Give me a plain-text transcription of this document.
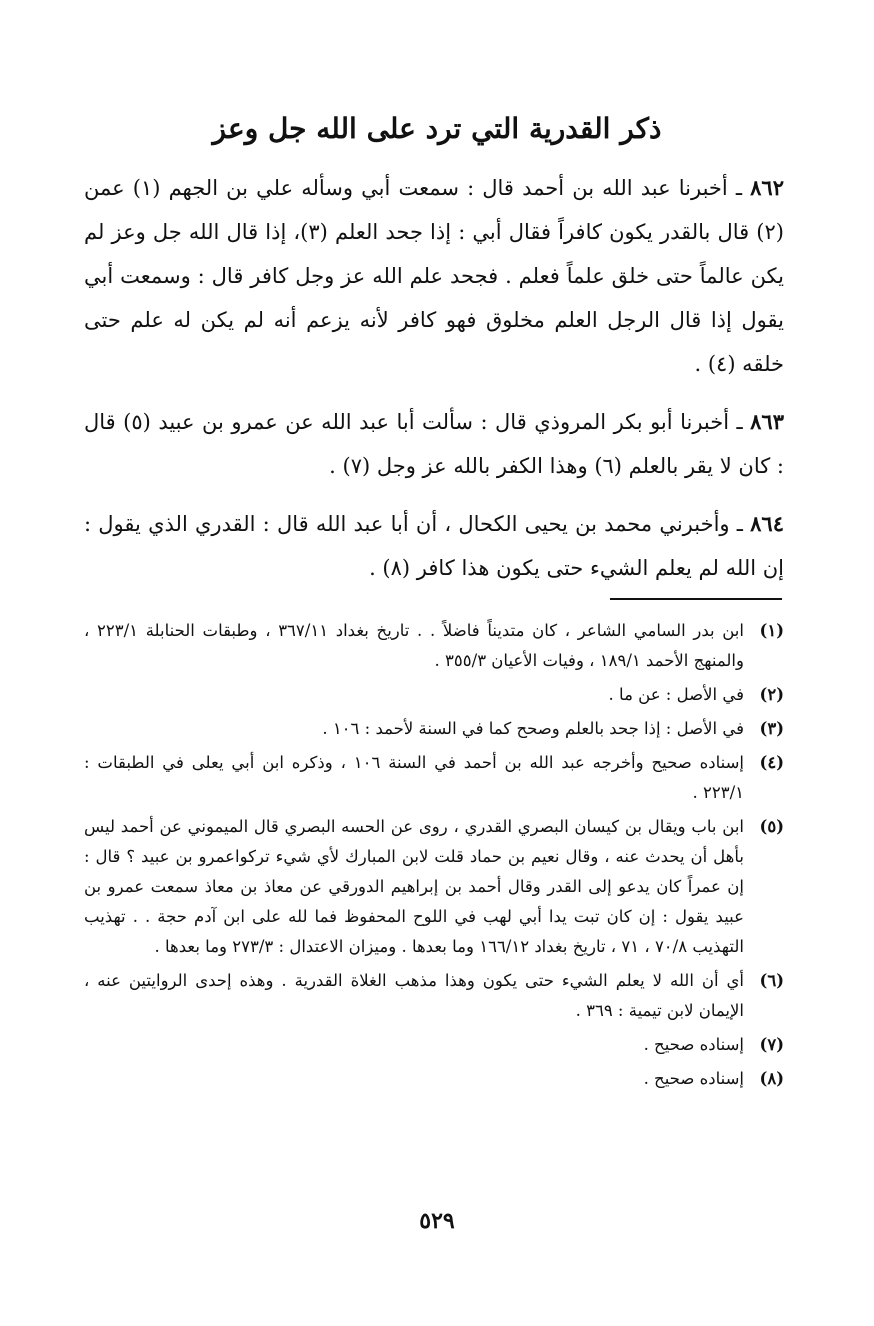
ذكر القدرية التي ترد على الله جل وعز

٨٦٢ ـ أخبرنا عبد الله بن أحمد قال : سمعت أبي وسأله علي بن الجهم (١) عمن (٢) قال بالقدر يكون كافراً فقال أبي : إذا جحد العلم (٣)، إذا قال الله جل وعز لم يكن عالماً حتى خلق علماً فعلم . فجحد علم الله عز وجل كافر قال : وسمعت أبي يقول إذا قال الرجل العلم مخلوق فهو كافر لأنه يزعم أنه لم يكن له علم حتى خلقه (٤) .

٨٦٣ ـ أخبرنا أبو بكر المروذي قال : سألت أبا عبد الله عن عمرو بن عبيد (٥) قال : كان لا يقر بالعلم (٦) وهذا الكفر بالله عز وجل (٧) .

٨٦٤ ـ وأخبرني محمد بن يحيى الكحال ، أن أبا عبد الله قال : القدري الذي يقول : إن الله لم يعلم الشيء حتى يكون هذا كافر (٨) .

(١)
ابن بدر السامي الشاعر ، كان متديناً فاضلاً . . تاريخ بغداد ٣٦٧/١١ ، وطبقات الحنابلة ٢٢٣/١ ، والمنهج الأحمد ١٨٩/١ ، وفيات الأعيان ٣٥٥/٣ .
(٢)
في الأصل : عن ما .
(٣)
في الأصل : إذا جحد بالعلم وصحح كما في السنة لأحمد : ١٠٦ .
(٤)
إسناده صحيح وأخرجه عبد الله بن أحمد في السنة ١٠٦ ، وذكره ابن أبي يعلى في الطبقات : ٢٢٣/١ .
(٥)
ابن باب ويقال بن كيسان البصري القدري ، روى عن الحسه البصري قال الميموني عن أحمد ليس بأهل أن يحدث عنه ، وقال نعيم بن حماد قلت لابن المبارك لأي شيء تركواعمرو بن عبيد ؟ قال : إن عمراً كان يدعو إلى القدر وقال أحمد بن إبراهيم الدورقي عن معاذ بن معاذ سمعت عمرو بن عبيد يقول : إن كان تبت يدا أبي لهب في اللوح المحفوظ فما لله على ابن آدم حجة . . تهذيب التهذيب ٧٠/٨ ، ٧١ ، تاريخ بغداد ١٦٦/١٢ وما بعدها . وميزان الاعتدال : ٢٧٣/٣ وما بعدها .
(٦)
أي أن الله لا يعلم الشيء حتى يكون وهذا مذهب الغلاة القدرية . وهذه إحدى الروايتين عنه ، الإيمان لابن تيمية : ٣٦٩ .
(٧)
إسناده صحيح .
(٨)
إسناده صحيح .
٥٢٩
